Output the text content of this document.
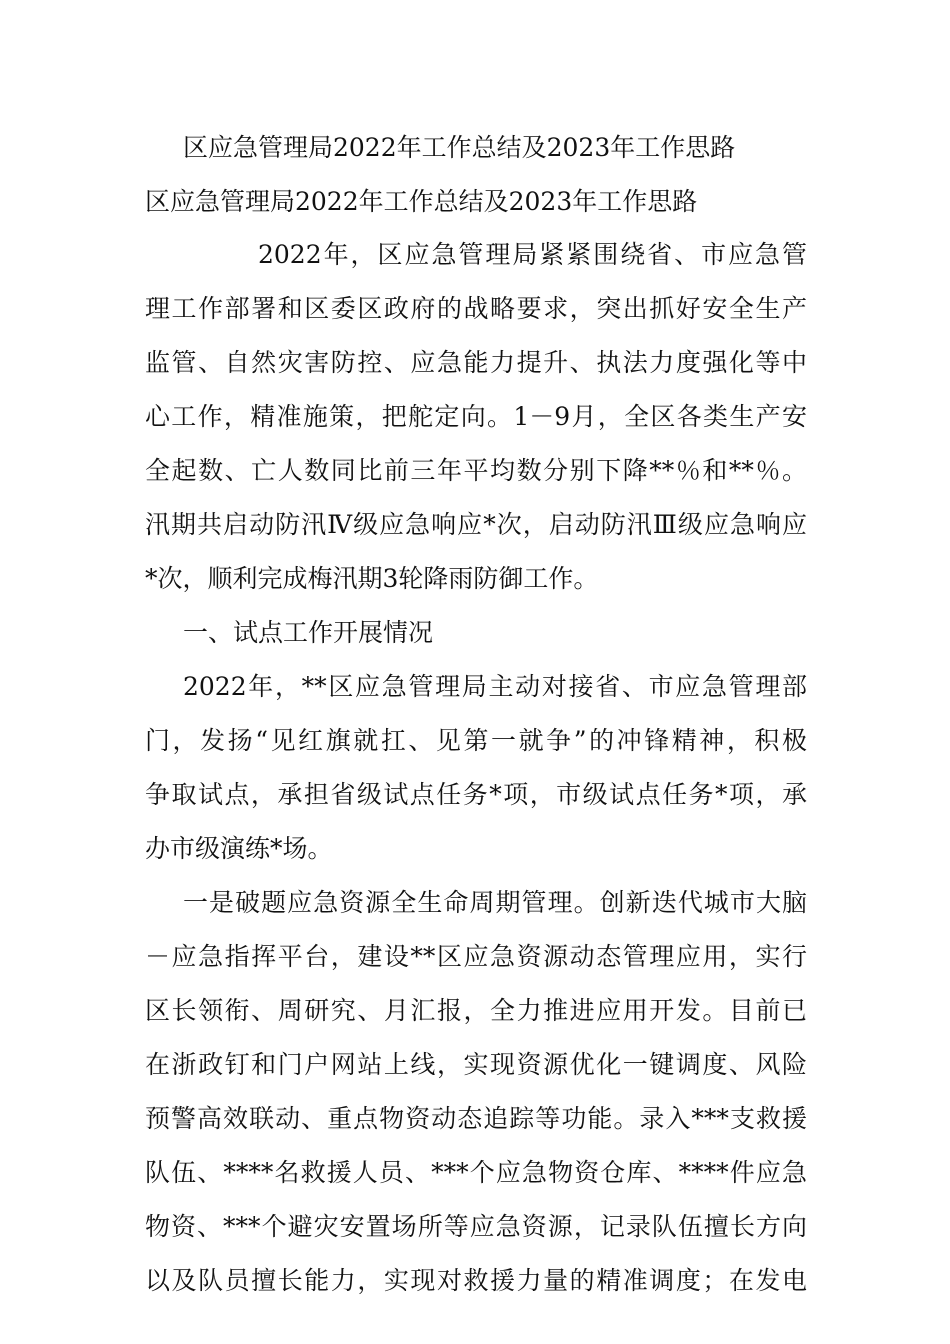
区应急管理局2022年工作总结及2023年工作思路
区应急管理局2022年工作总结及2023年工作思路
2022年，区应急管理局紧紧围绕省、市应急管
理工作部署和区委区政府的战略要求，突出抓好安全生产
监管、自然灾害防控、应急能力提升、执法力度强化等中
心工作，精准施策，把舵定向。1－9月，全区各类生产安
全起数、亡人数同比前三年平均数分别下降**％和**％。
汛期共启动防汛Ⅳ级应急响应*次，启动防汛Ⅲ级应急响应
*次，顺利完成梅汛期3轮降雨防御工作。
一、试点工作开展情况
2022年，**区应急管理局主动对接省、市应急管理部
门，发扬“见红旗就扛、见第一就争”的冲锋精神，积极
争取试点，承担省级试点任务*项，市级试点任务*项，承
办市级演练*场。
一是破题应急资源全生命周期管理。创新迭代城市大脑
－应急指挥平台，建设**区应急资源动态管理应用，实行
区长领衔、周研究、月汇报，全力推进应用开发。目前已
在浙政钉和门户网站上线，实现资源优化一键调度、风险
预警高效联动、重点物资动态追踪等功能。录入***支救援
队伍、****名救援人员、***个应急物资仓库、****件应急
物资、***个避灾安置场所等应急资源，记录队伍擅长方向
以及队员擅长能力，实现对救援力量的精准调度；在发电
